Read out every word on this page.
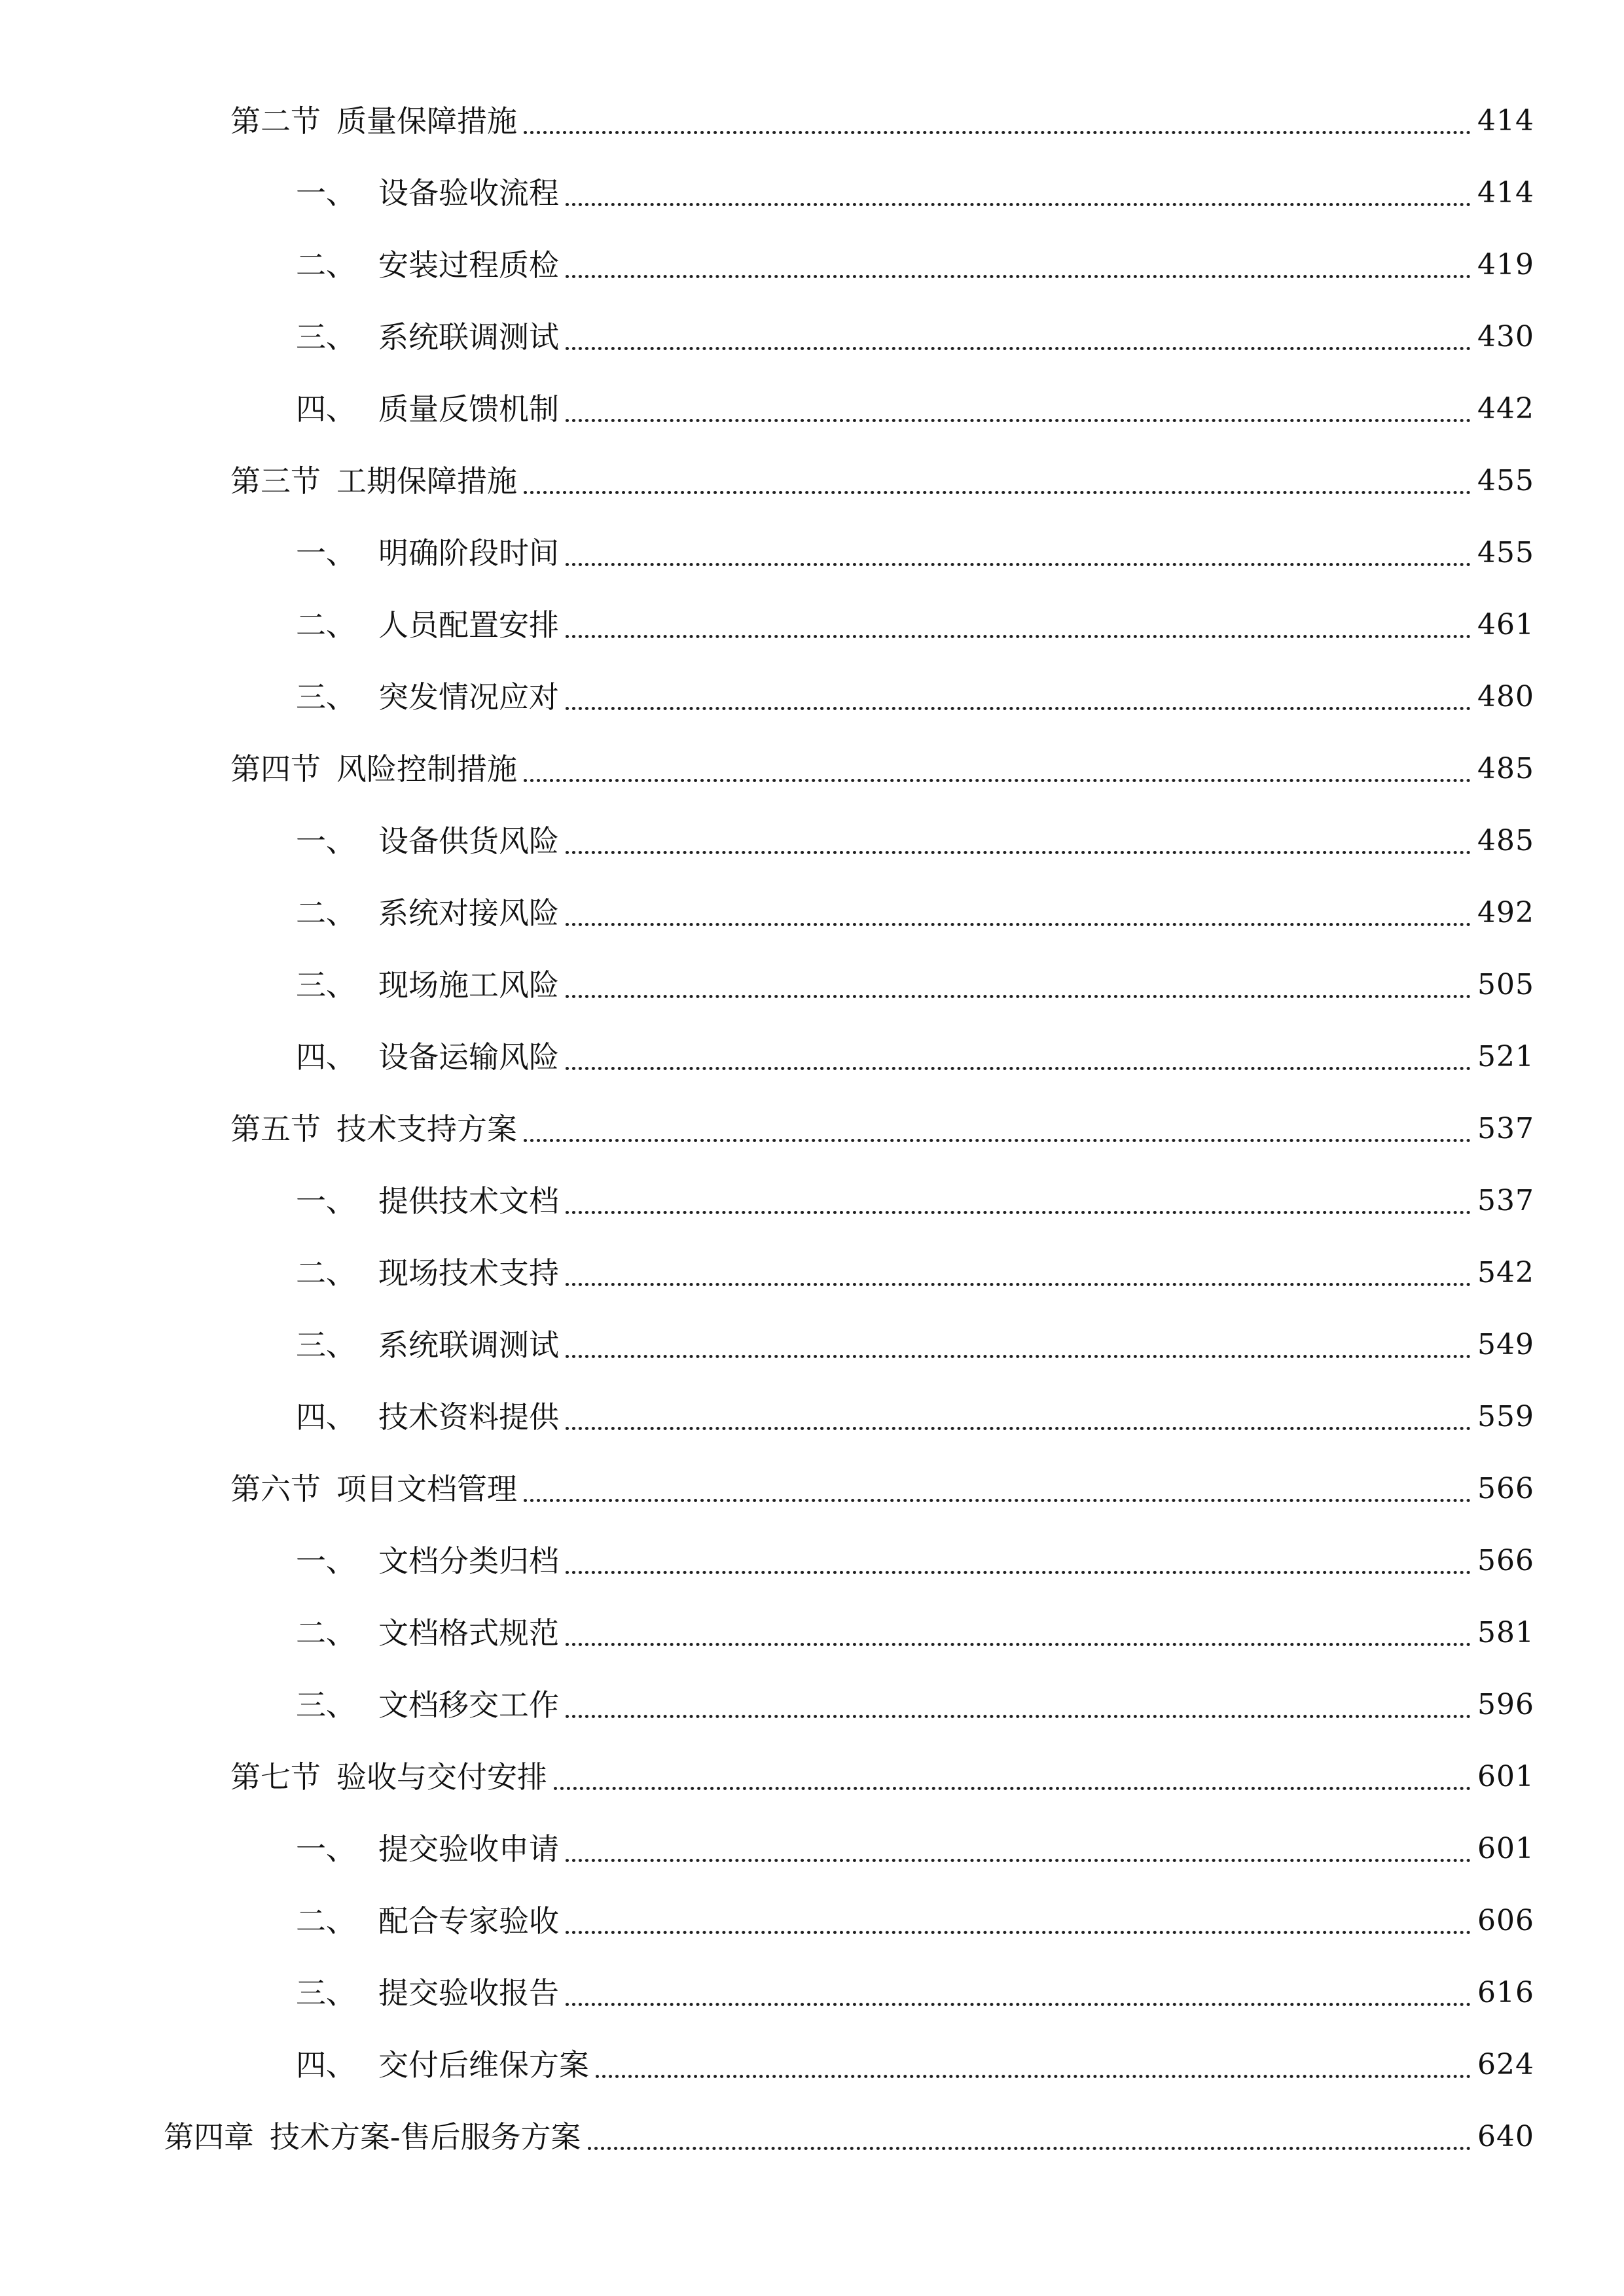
第二节 质量保障措施	414
一、 设备验收流程	414
二、 安装过程质检	419
三、 系统联调测试	430
四、 质量反馈机制	442
第三节 工期保障措施	455
一、 明确阶段时间	455
二、 人员配置安排	461
三、 突发情况应对	480
第四节 风险控制措施	485
一、 设备供货风险	485
二、 系统对接风险	492
三、 现场施工风险	505
四、 设备运输风险	521
第五节 技术支持方案	537
一、 提供技术文档	537
二、 现场技术支持	542
三、 系统联调测试	549
四、 技术资料提供	559
第六节 项目文档管理	566
一、 文档分类归档	566
二、 文档格式规范	581
三、 文档移交工作	596
第七节 验收与交付安排	601
一、 提交验收申请	601
二、 配合专家验收	606
三、 提交验收报告	616
四、 交付后维保方案	624
第四章 技术方案-售后服务方案	640
